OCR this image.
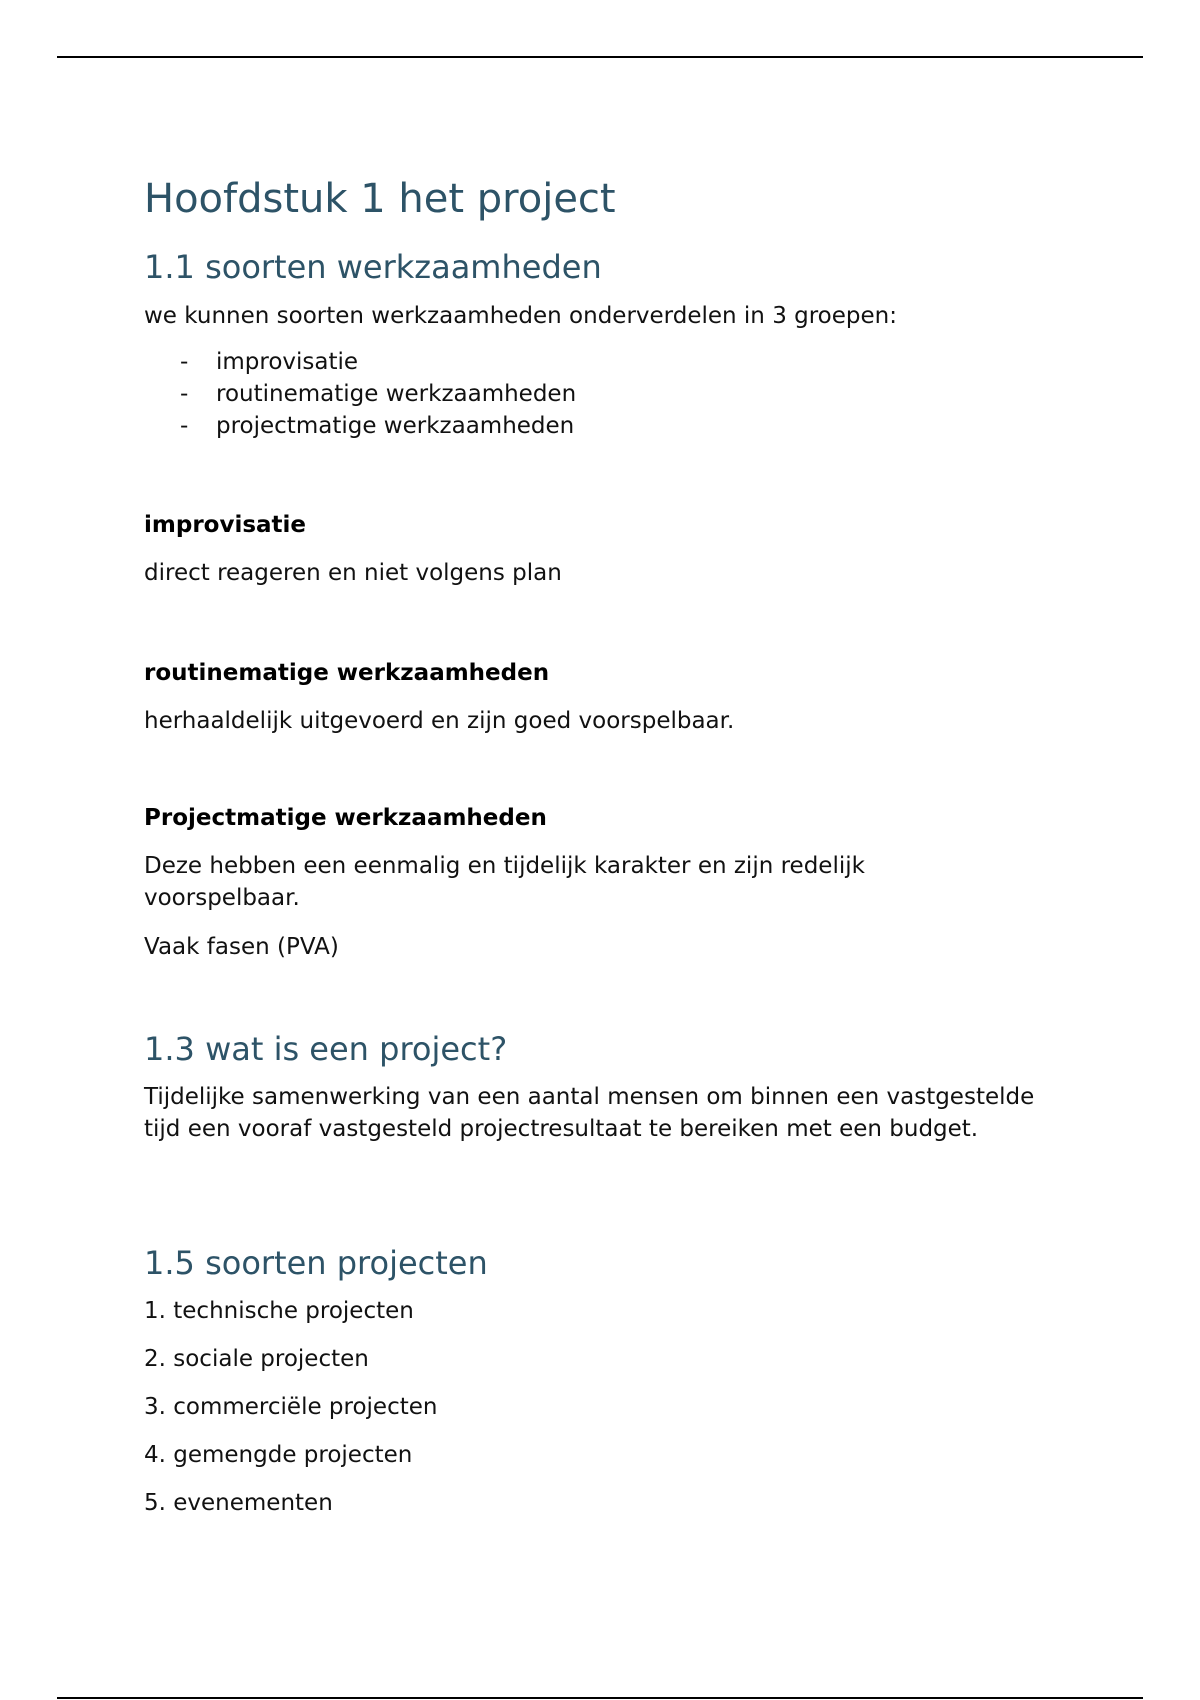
Hoofdstuk 1 het project
1.1 soorten werkzaamheden
we kunnen soorten werkzaamheden onderverdelen in 3 groepen:
- improvisatie
- routinematige werkzaamheden
- projectmatige werkzaamheden
improvisatie
direct reageren en niet volgens plan
routinematige werkzaamheden
herhaaldelijk uitgevoerd en zijn goed voorspelbaar.
Projectmatige werkzaamheden
Deze hebben een eenmalig en tijdelijk karakter en zijn redelijk voorspelbaar.
Vaak fasen (PVA)
1.3 wat is een project?
Tijdelijke samenwerking van een aantal mensen om binnen een vastgestelde tijd een vooraf vastgesteld projectresultaat te bereiken met een budget.
1.5 soorten projecten
1. technische projecten
2. sociale projecten
3. commerciële projecten
4. gemengde projecten
5. evenementen
